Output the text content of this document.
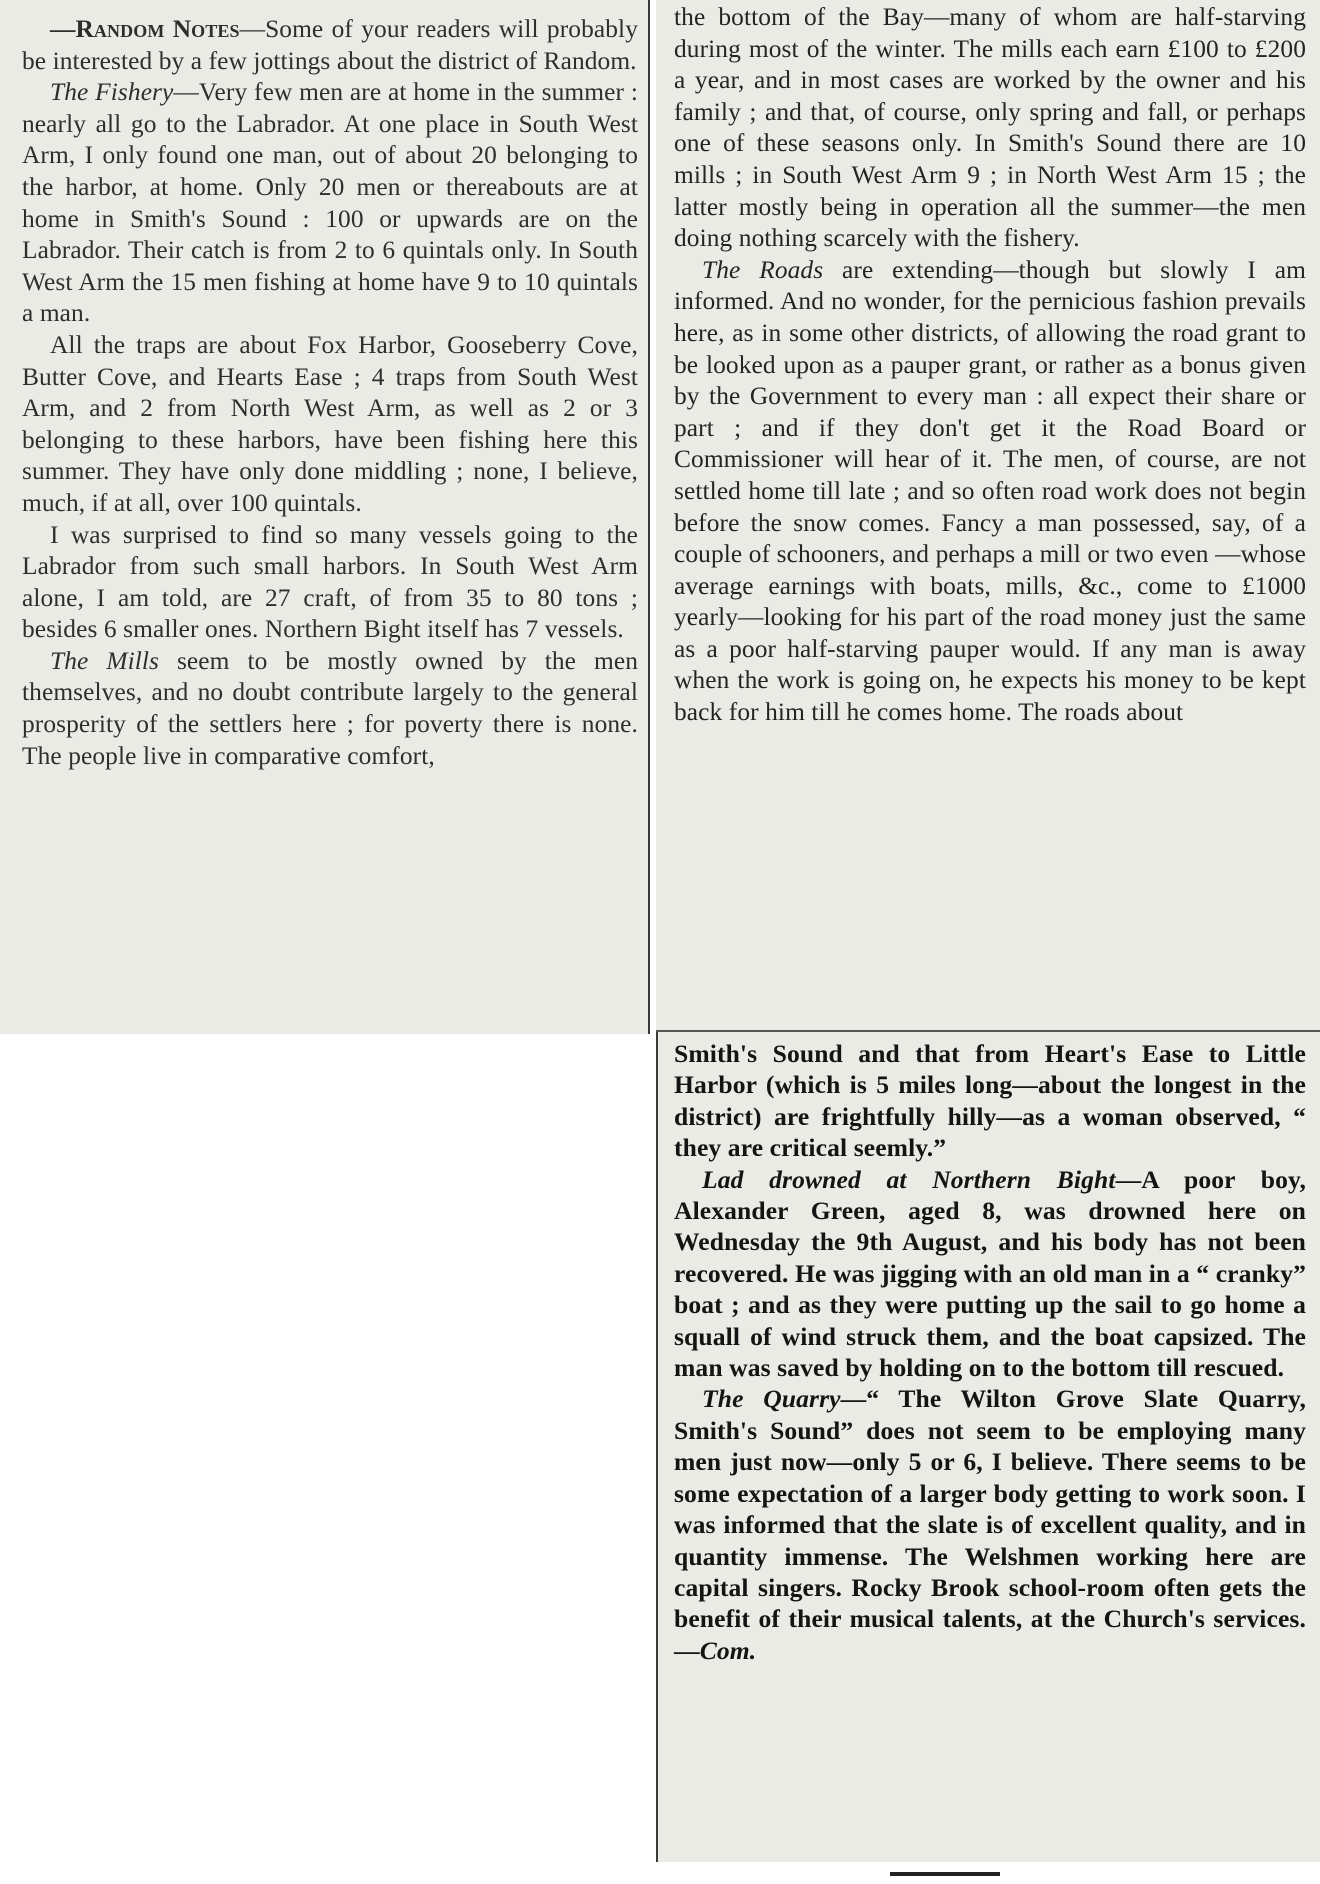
—Random Notes—Some of your readers will probably be interested by a few jottings about the district of Random.

The Fishery—Very few men are at home in the summer : nearly all go to the Labrador. At one place in South West Arm, I only found one man, out of about 20 belonging to the harbor, at home. Only 20 men or thereabouts are at home in Smith's Sound : 100 or upwards are on the Labrador. Their catch is from 2 to 6 quintals only. In South West Arm the 15 men fishing at home have 9 to 10 quintals a man.

All the traps are about Fox Harbor, Gooseberry Cove, Butter Cove, and Hearts Ease ; 4 traps from South West Arm, and 2 from North West Arm, as well as 2 or 3 belonging to these harbors, have been fishing here this summer. They have only done middling ; none, I believe, much, if at all, over 100 quintals.

I was surprised to find so many vessels going to the Labrador from such small harbors. In South West Arm alone, I am told, are 27 craft, of from 35 to 80 tons ; besides 6 smaller ones. Northern Bight itself has 7 vessels.

The Mills seem to be mostly owned by the men themselves, and no doubt contribute largely to the general prosperity of the settlers here ; for poverty there is none. The people live in comparative comfort,

the bottom of the Bay—many of whom are half-starving during most of the winter. The mills each earn £100 to £200 a year, and in most cases are worked by the owner and his family ; and that, of course, only spring and fall, or perhaps one of these seasons only. In Smith's Sound there are 10 mills ; in South West Arm 9 ; in North West Arm 15 ; the latter mostly being in operation all the summer—the men doing nothing scarcely with the fishery.

The Roads are extending—though but slowly I am informed. And no wonder, for the pernicious fashion prevails here, as in some other districts, of allowing the road grant to be looked upon as a pauper grant, or rather as a bonus given by the Government to every man : all expect their share or part ; and if they don't get it the Road Board or Commissioner will hear of it. The men, of course, are not settled home till late ; and so often road work does not begin before the snow comes. Fancy a man possessed, say, of a couple of schooners, and perhaps a mill or two even —whose average earnings with boats, mills, &c., come to £1000 yearly—looking for his part of the road money just the same as a poor half-starving pauper would. If any man is away when the work is going on, he expects his money to be kept back for him till he comes home. The roads about

Smith's Sound and that from Heart's Ease to Little Harbor (which is 5 miles long—about the longest in the district) are frightfully hilly—as a woman observed, “ they are critical seemly.”

Lad drowned at Northern Bight—A poor boy, Alexander Green, aged 8, was drowned here on Wednesday the 9th August, and his body has not been recovered. He was jigging with an old man in a “ cranky” boat ; and as they were putting up the sail to go home a squall of wind struck them, and the boat capsized. The man was saved by holding on to the bottom till rescued.

The Quarry—“ The Wilton Grove Slate Quarry, Smith's Sound” does not seem to be employing many men just now—only 5 or 6, I believe. There seems to be some expectation of a larger body getting to work soon. I was informed that the slate is of excellent quality, and in quantity immense. The Welshmen working here are capital singers. Rocky Brook school-room often gets the benefit of their musical talents, at the Church's services.—Com.
